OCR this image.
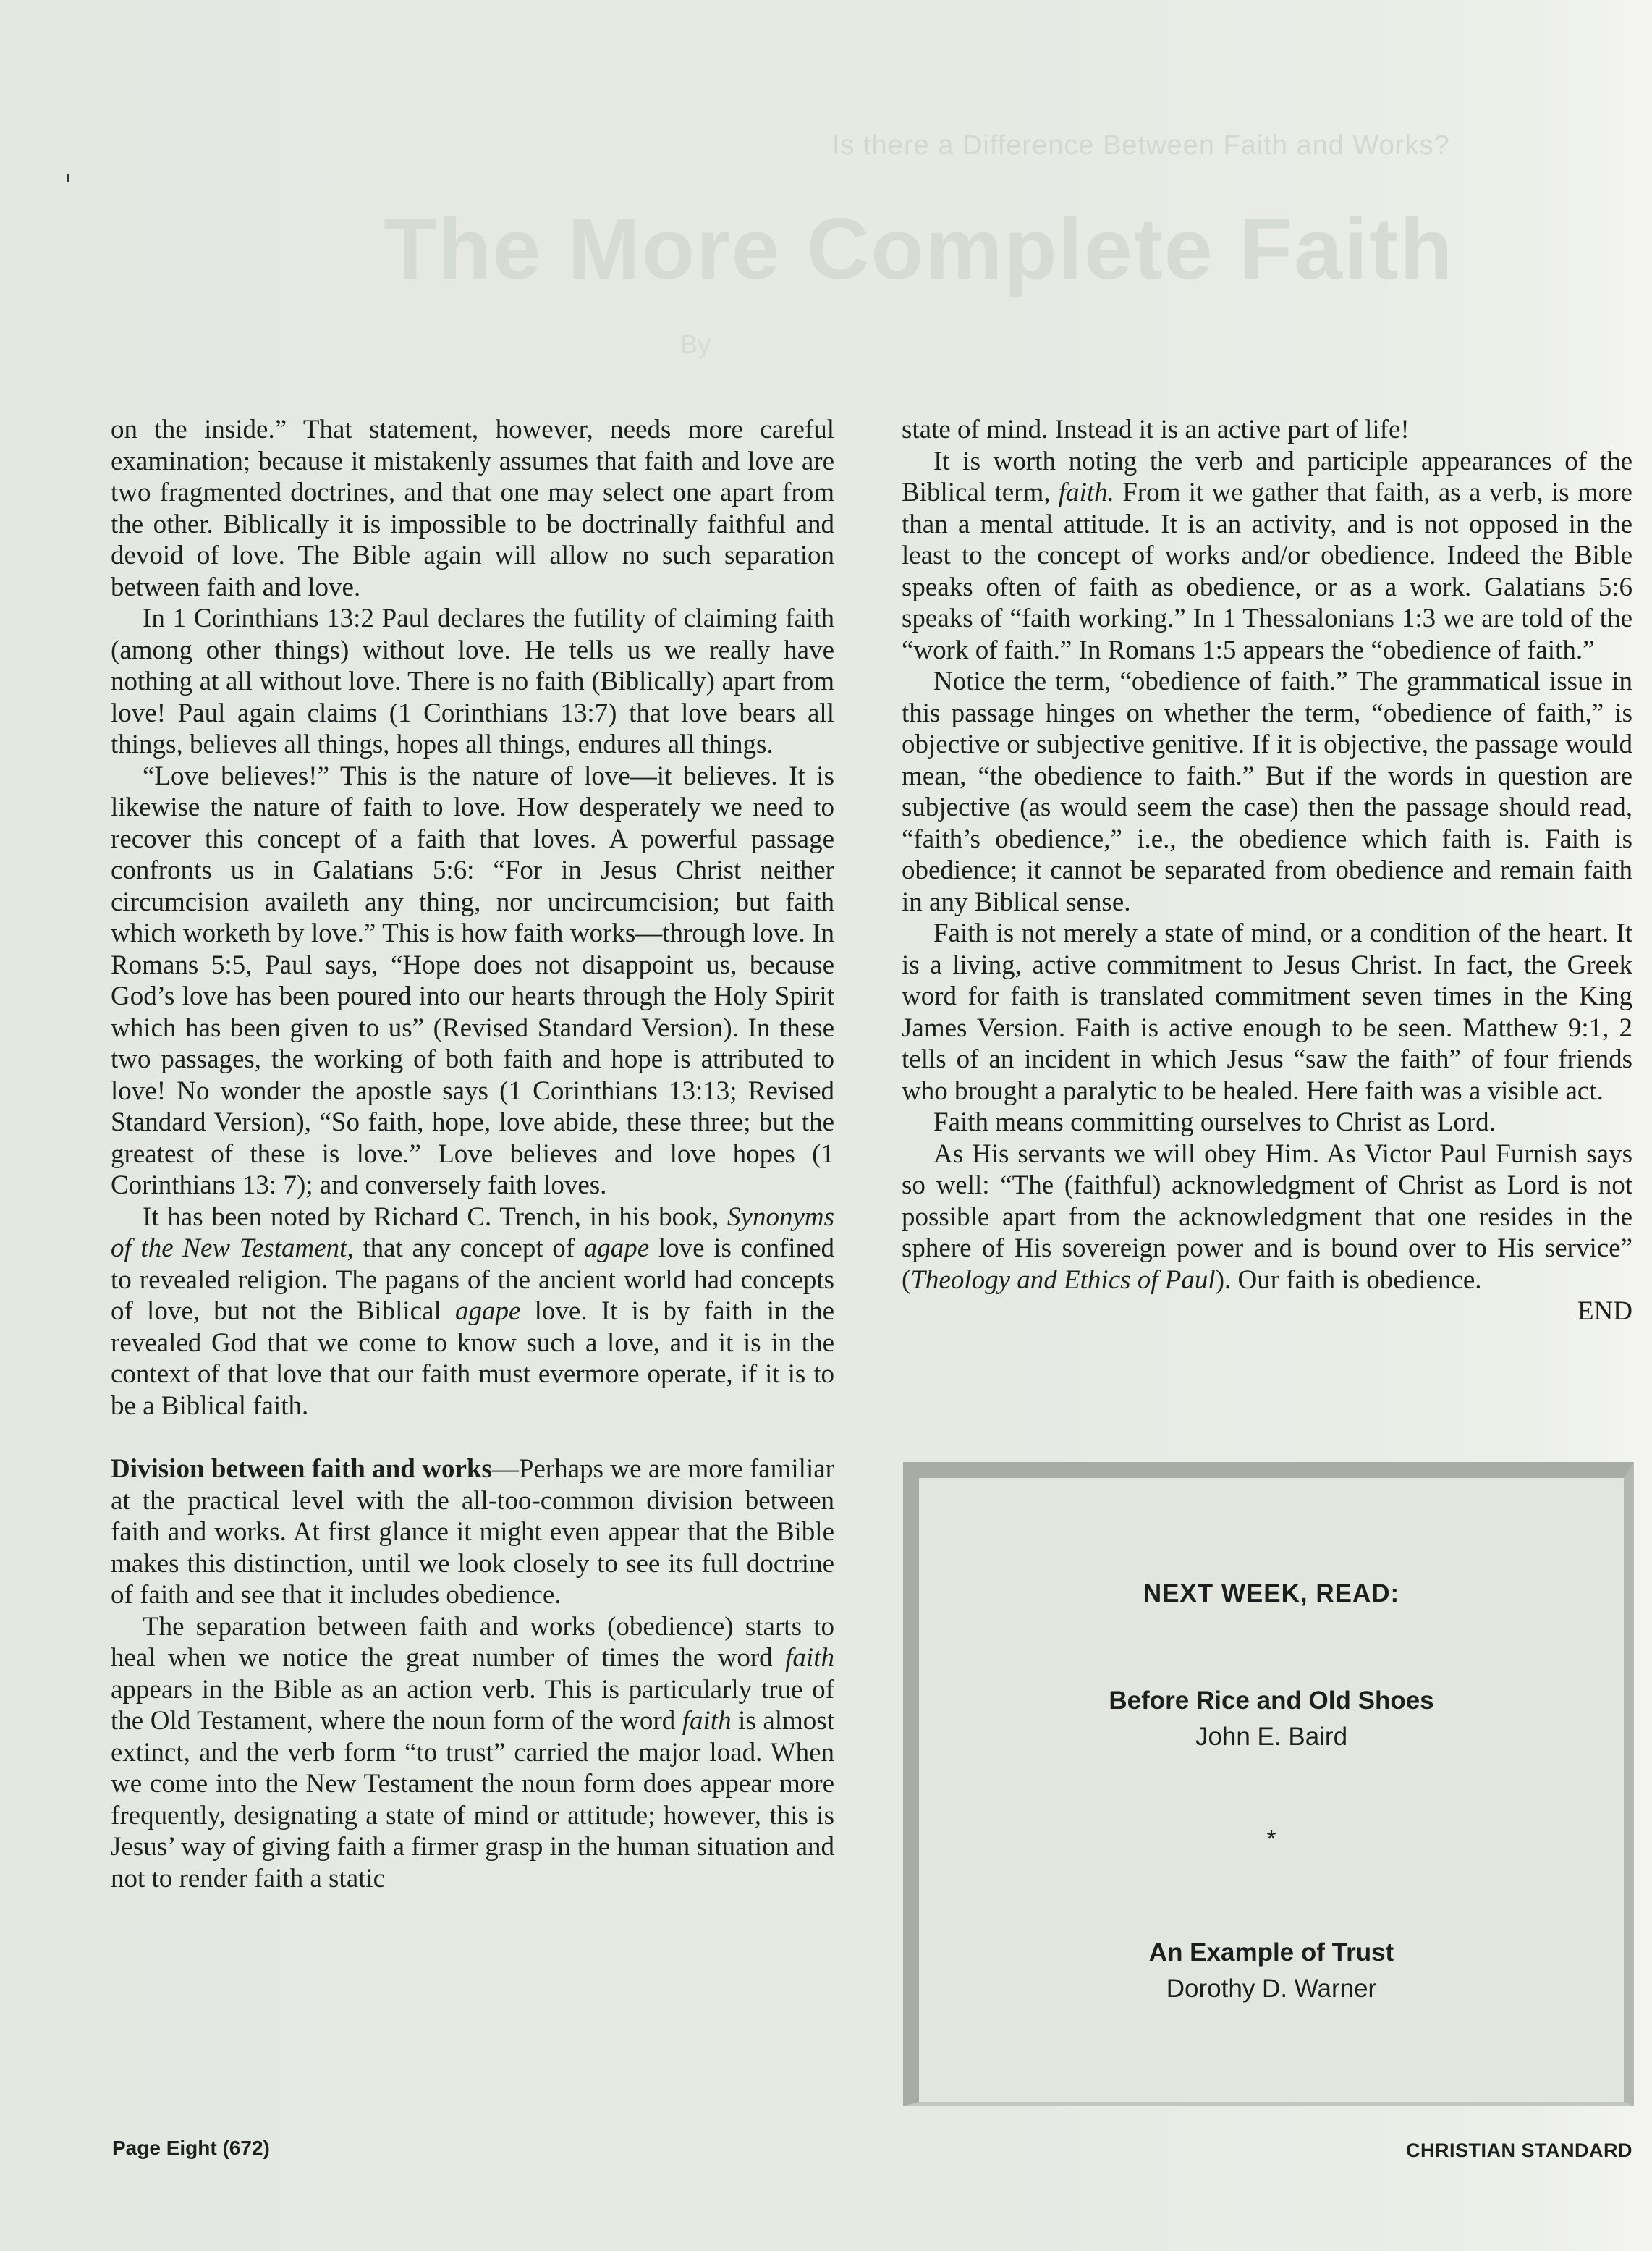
Is there a Difference Between Faith and Works?
The More Complete Faith
By

on the inside.” That statement, however, needs more careful examination; because it mistakenly assumes that faith and love are two fragmented doctrines, and that one may select one apart from the other. Biblically it is impossible to be doctrinally faithful and devoid of love. The Bible again will allow no such separation between faith and love.

In 1 Corinthians 13:2 Paul declares the futility of claiming faith (among other things) without love. He tells us we really have nothing at all without love. There is no faith (Biblically) apart from love! Paul again claims (1 Corinthians 13:7) that love bears all things, believes all things, hopes all things, endures all things.

“Love believes!” This is the nature of love—it believes. It is likewise the nature of faith to love. How desperately we need to recover this concept of a faith that loves. A powerful passage confronts us in Galatians 5:6: “For in Jesus Christ neither circumcision availeth any thing, nor uncircumcision; but faith which worketh by love.” This is how faith works—through love. In Romans 5:5, Paul says, “Hope does not disappoint us, because God’s love has been poured into our hearts through the Holy Spirit which has been given to us” (Revised Standard Version). In these two passages, the working of both faith and hope is attributed to love! No wonder the apostle says (1 Corinthians 13:13; Revised Standard Version), “So faith, hope, love abide, these three; but the greatest of these is love.” Love believes and love hopes (1 Corinthians 13: 7); and conversely faith loves.

It has been noted by Richard C. Trench, in his book, Synonyms of the New Testament, that any concept of agape love is confined to revealed religion. The pagans of the ancient world had concepts of love, but not the Biblical agape love. It is by faith in the revealed God that we come to know such a love, and it is in the context of that love that our faith must evermore operate, if it is to be a Biblical faith.

Division between faith and works—Perhaps we are more familiar at the practical level with the all-too-common division between faith and works. At first glance it might even appear that the Bible makes this distinction, until we look closely to see its full doctrine of faith and see that it includes obedience.

The separation between faith and works (obedience) starts to heal when we notice the great number of times the word faith appears in the Bible as an action verb. This is particularly true of the Old Testament, where the noun form of the word faith is almost extinct, and the verb form “to trust” carried the major load. When we come into the New Testament the noun form does appear more frequently, designating a state of mind or attitude; however, this is Jesus’ way of giving faith a firmer grasp in the human situation and not to render faith a static

state of mind. Instead it is an active part of life!

It is worth noting the verb and participle appearances of the Biblical term, faith. From it we gather that faith, as a verb, is more than a mental attitude. It is an activity, and is not opposed in the least to the concept of works and/or obedience. Indeed the Bible speaks often of faith as obedience, or as a work. Galatians 5:6 speaks of “faith working.” In 1 Thessalonians 1:3 we are told of the “work of faith.” In Romans 1:5 appears the “obedience of faith.”

Notice the term, “obedience of faith.” The grammatical issue in this passage hinges on whether the term, “obedience of faith,” is objective or subjective genitive. If it is objective, the passage would mean, “the obedience to faith.” But if the words in question are subjective (as would seem the case) then the passage should read, “faith’s obedience,” i.e., the obedience which faith is. Faith is obedience; it cannot be separated from obedience and remain faith in any Biblical sense.

Faith is not merely a state of mind, or a condition of the heart. It is a living, active commitment to Jesus Christ. In fact, the Greek word for faith is translated commitment seven times in the King James Version. Faith is active enough to be seen. Matthew 9:1, 2 tells of an incident in which Jesus “saw the faith” of four friends who brought a paralytic to be healed. Here faith was a visible act.

Faith means committing ourselves to Christ as Lord.

As His servants we will obey Him. As Victor Paul Furnish says so well: “The (faithful) acknowledgment of Christ as Lord is not possible apart from the acknowledgment that one resides in the sphere of His sovereign power and is bound over to His service” (Theology and Ethics of Paul). Our faith is obedience.

END
NEXT WEEK, READ:
Before Rice and Old Shoes
John E. Baird
*
An Example of Trust
Dorothy D. Warner
Page Eight (672)	CHRISTIAN STANDARD
